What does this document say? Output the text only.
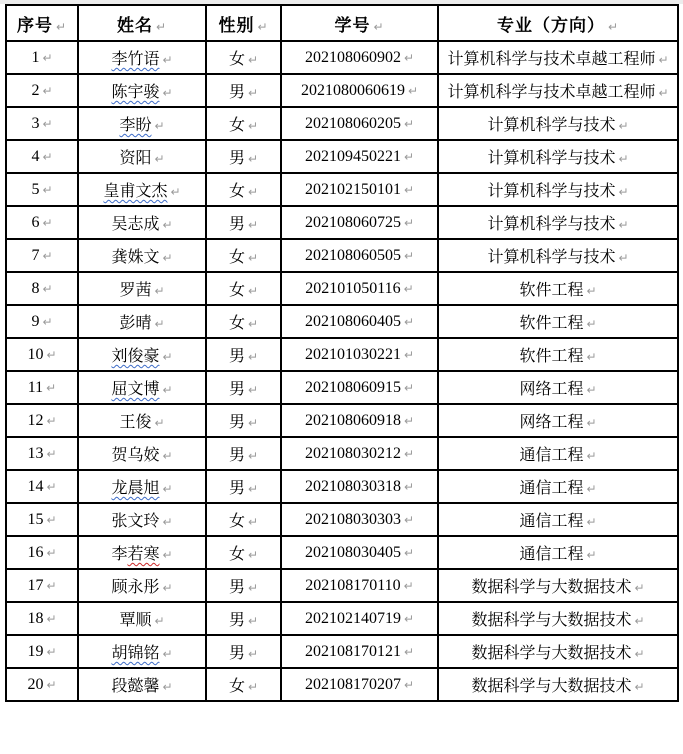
序号 ↵	姓名 ↵	性别 ↵	学号 ↵	专业（方向） ↵
1 ↵	李竹语 ↵	女 ↵	202108060902 ↵	计算机科学与技术卓越工程师 ↵
2 ↵	陈宇骏 ↵	男 ↵	2021080060619 ↵	计算机科学与技术卓越工程师 ↵
3 ↵	李盼 ↵	女 ↵	202108060205 ↵	计算机科学与技术 ↵
4 ↵	资阳 ↵	男 ↵	202109450221 ↵	计算机科学与技术 ↵
5 ↵	皇甫文杰 ↵	女 ↵	202102150101 ↵	计算机科学与技术 ↵
6 ↵	吴志成 ↵	男 ↵	202108060725 ↵	计算机科学与技术 ↵
7 ↵	龚姝文 ↵	女 ↵	202108060505 ↵	计算机科学与技术 ↵
8 ↵	罗茜 ↵	女 ↵	202101050116 ↵	软件工程 ↵
9 ↵	彭晴 ↵	女 ↵	202108060405 ↵	软件工程 ↵
10 ↵	刘俊豪 ↵	男 ↵	202101030221 ↵	软件工程 ↵
11 ↵	屈文博 ↵	男 ↵	202108060915 ↵	网络工程 ↵
12 ↵	王俊 ↵	男 ↵	202108060918 ↵	网络工程 ↵
13 ↵	贺乌姣 ↵	男 ↵	202108030212 ↵	通信工程 ↵
14 ↵	龙晨旭 ↵	男 ↵	202108030318 ↵	通信工程 ↵
15 ↵	张文玲 ↵	女 ↵	202108030303 ↵	通信工程 ↵
16 ↵	李若寒 ↵	女 ↵	202108030405 ↵	通信工程 ↵
17 ↵	顾永彤 ↵	男 ↵	202108170110 ↵	数据科学与大数据技术 ↵
18 ↵	覃顺 ↵	男 ↵	202102140719 ↵	数据科学与大数据技术 ↵
19 ↵	胡锦铭 ↵	男 ↵	202108170121 ↵	数据科学与大数据技术 ↵
20 ↵	段懿馨 ↵	女 ↵	202108170207 ↵	数据科学与大数据技术 ↵
